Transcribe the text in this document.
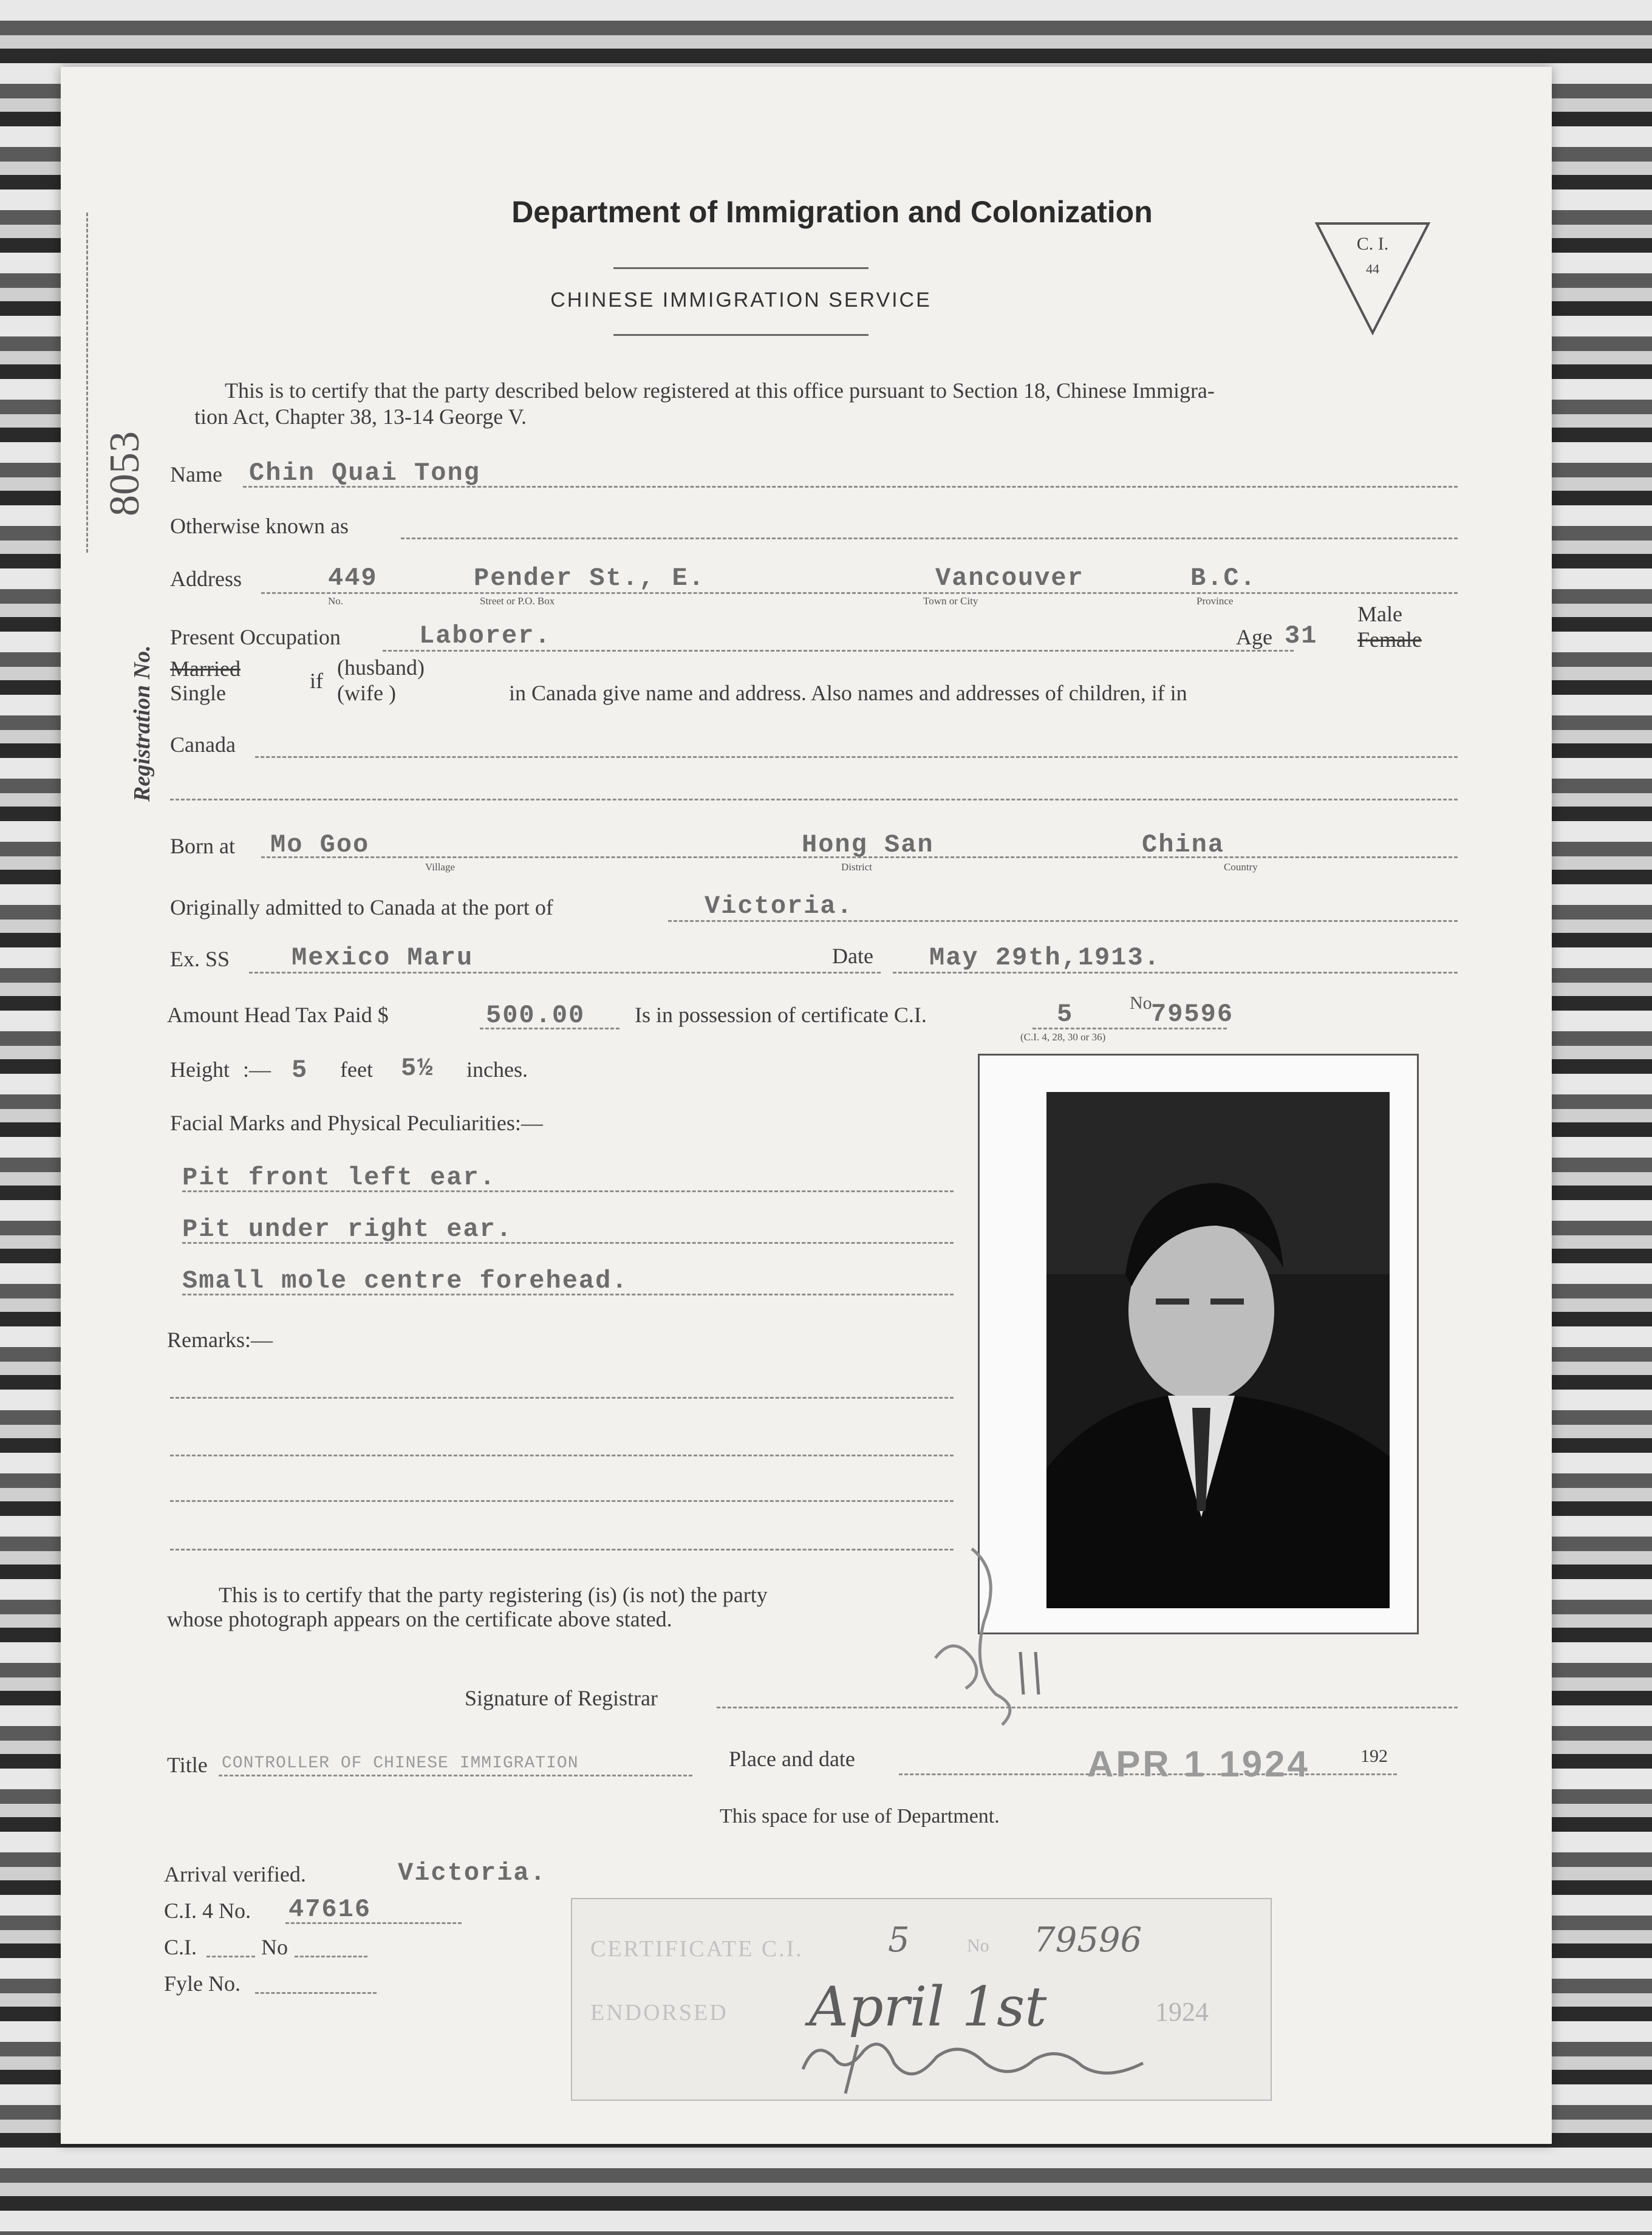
Department of Immigration and Colonization
CHINESE IMMIGRATION SERVICE
C. I.
44
Registration No.
8053
This is to certify that the party described below registered at this office pursuant to Section 18, Chinese Immigra-
tion Act, Chapter 38, 13-14 George V.
Name Chin Quai Tong
Otherwise known as
Address	449	Pender St., E.	Vancouver	B.C.
No.	Street or P.O. Box	Town or City	Province
Present Occupation	Laborer.	Age 31
Male
Female
Married
Single	if
(husband)
(wife )	in Canada give name and address. Also names and addresses of children, if in
Canada
Born at Mo Goo	Hong San	China
Village	District	Country
Originally admitted to Canada at the port of	Victoria.
Ex. SS Mexico Maru	Date May 29th,1913.
Amount Head Tax Paid $	500.00 Is in possession of certificate C.I.	5	No
79596
(C.I. 4, 28, 30 or 36)
Height :— 5 feet 5½ inches.
Facial Marks and Physical Peculiarities:—
Pit front left ear.
Pit under right ear.
Small mole centre forehead.
Remarks:—
This is to certify that the party registering (is) (is not) the party
whose photograph appears on the certificate above stated.
Signature of Registrar
Title CONTROLLER OF CHINESE IMMIGRATION	Place and date	APR 1 1924	192
This space for use of Department.
Arrival verified.	Victoria.
C.I. 4 No. 47616
C.I.	No
Fyle No.
CERTIFICATE C.I. 5	No 79596
ENDORSED April 1st	1924
